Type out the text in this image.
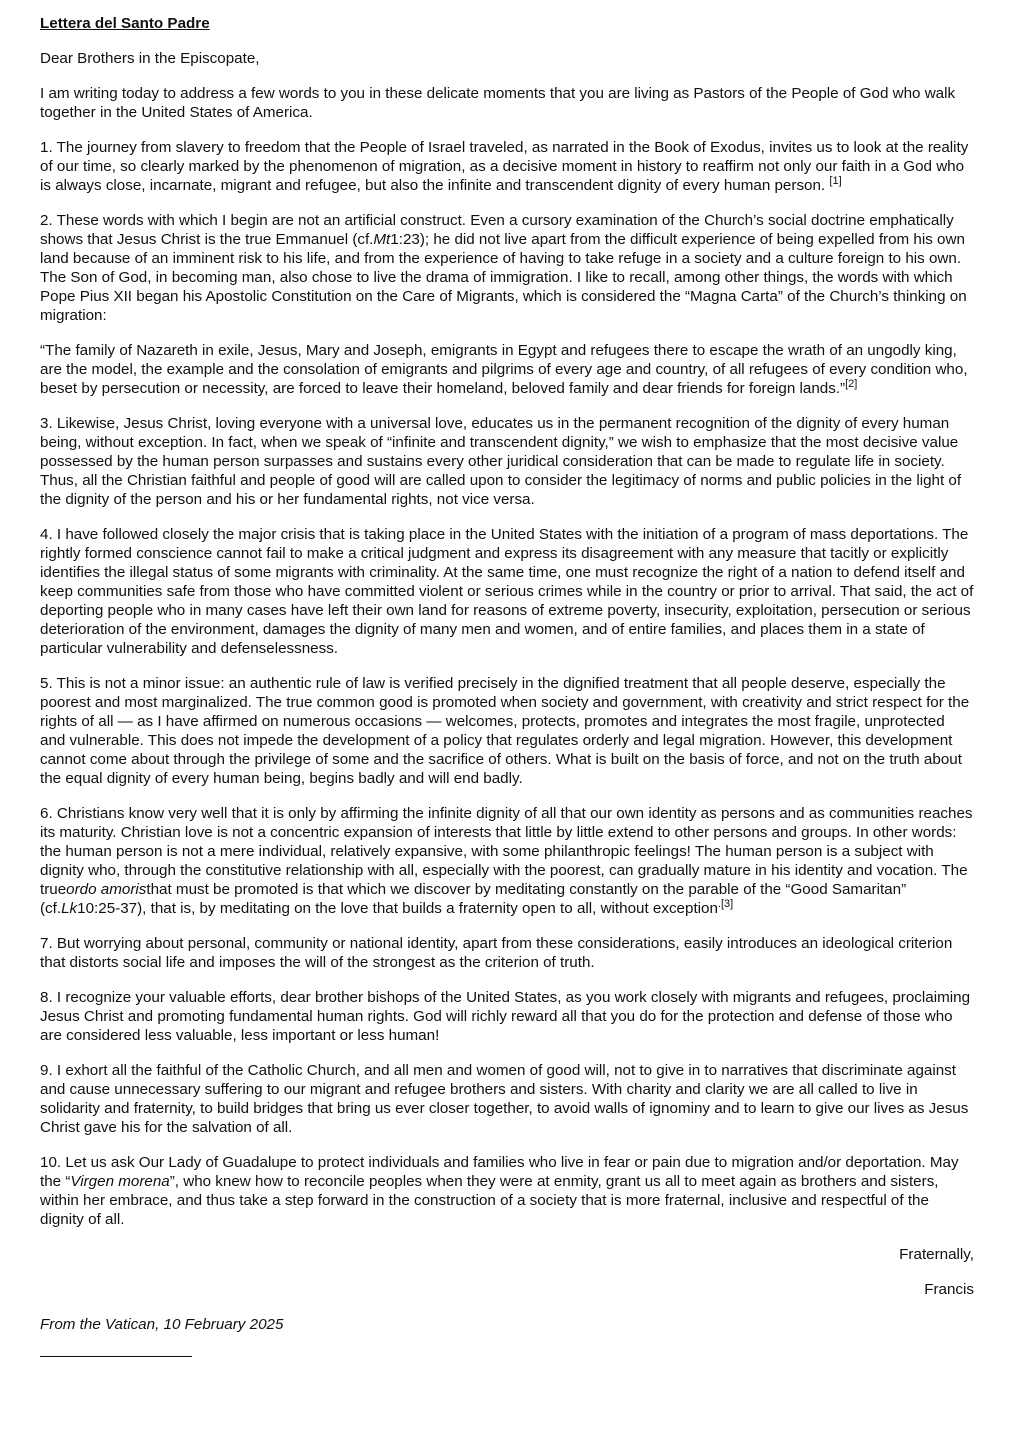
Lettera del Santo Padre

Dear Brothers in the Episcopate,

I am writing today to address a few words to you in these delicate moments that you are living as Pastors of the People of God who walk together in the United States of America.

1. The journey from slavery to freedom that the People of Israel traveled, as narrated in the Book of Exodus, invites us to look at the reality of our time, so clearly marked by the phenomenon of migration, as a decisive moment in history to reaffirm not only our faith in a God who is always close, incarnate, migrant and refugee, but also the infinite and transcendent dignity of every human person. [1]

2. These words with which I begin are not an artificial construct. Even a cursory examination of the Church’s social doctrine emphatically shows that Jesus Christ is the true Emmanuel (cf.Mt1:23); he did not live apart from the difficult experience of being expelled from his own land because of an imminent risk to his life, and from the experience of having to take refuge in a society and a culture foreign to his own. The Son of God, in becoming man, also chose to live the drama of immigration. I like to recall, among other things, the words with which Pope Pius XII began his Apostolic Constitution on the Care of Migrants, which is considered the “Magna Carta” of the Church’s thinking on migration:

“The family of Nazareth in exile, Jesus, Mary and Joseph, emigrants in Egypt and refugees there to escape the wrath of an ungodly king, are the model, the example and the consolation of emigrants and pilgrims of every age and country, of all refugees of every condition who, beset by persecution or necessity, are forced to leave their homeland, beloved family and dear friends for foreign lands.”[2]

3. Likewise, Jesus Christ, loving everyone with a universal love, educates us in the permanent recognition of the dignity of every human being, without exception. In fact, when we speak of “infinite and transcendent dignity,” we wish to emphasize that the most decisive value possessed by the human person surpasses and sustains every other juridical consideration that can be made to regulate life in society. Thus, all the Christian faithful and people of good will are called upon to consider the legitimacy of norms and public policies in the light of the dignity of the person and his or her fundamental rights, not vice versa.

4. I have followed closely the major crisis that is taking place in the United States with the initiation of a program of mass deportations. The rightly formed conscience cannot fail to make a critical judgment and express its disagreement with any measure that tacitly or explicitly identifies the illegal status of some migrants with criminality. At the same time, one must recognize the right of a nation to defend itself and keep communities safe from those who have committed violent or serious crimes while in the country or prior to arrival. That said, the act of deporting people who in many cases have left their own land for reasons of extreme poverty, insecurity, exploitation, persecution or serious deterioration of the environment, damages the dignity of many men and women, and of entire families, and places them in a state of particular vulnerability and defenselessness.

5. This is not a minor issue: an authentic rule of law is verified precisely in the dignified treatment that all people deserve, especially the poorest and most marginalized. The true common good is promoted when society and government, with creativity and strict respect for the rights of all — as I have affirmed on numerous occasions — welcomes, protects, promotes and integrates the most fragile, unprotected and vulnerable. This does not impede the development of a policy that regulates orderly and legal migration. However, this development cannot come about through the privilege of some and the sacrifice of others. What is built on the basis of force, and not on the truth about the equal dignity of every human being, begins badly and will end badly.

6. Christians know very well that it is only by affirming the infinite dignity of all that our own identity as persons and as communities reaches its maturity. Christian love is not a concentric expansion of interests that little by little extend to other persons and groups. In other words: the human person is not a mere individual, relatively expansive, with some philanthropic feelings! The human person is a subject with dignity who, through the constitutive relationship with all, especially with the poorest, can gradually mature in his identity and vocation. The trueordo amoristhat must be promoted is that which we discover by meditating constantly on the parable of the “Good Samaritan” (cf.Lk10:25-37), that is, by meditating on the love that builds a fraternity open to all, without exception$^{.[3]}$

7. But worrying about personal, community or national identity, apart from these considerations, easily introduces an ideological criterion that distorts social life and imposes the will of the strongest as the criterion of truth.

8. I recognize your valuable efforts, dear brother bishops of the United States, as you work closely with migrants and refugees, proclaiming Jesus Christ and promoting fundamental human rights. God will richly reward all that you do for the protection and defense of those who are considered less valuable, less important or less human!

9. I exhort all the faithful of the Catholic Church, and all men and women of good will, not to give in to narratives that discriminate against and cause unnecessary suffering to our migrant and refugee brothers and sisters. With charity and clarity we are all called to live in solidarity and fraternity, to build bridges that bring us ever closer together, to avoid walls of ignominy and to learn to give our lives as Jesus Christ gave his for the salvation of all.

10. Let us ask Our Lady of Guadalupe to protect individuals and families who live in fear or pain due to migration and/or deportation. May the “Virgen morena”, who knew how to reconcile peoples when they were at enmity, grant us all to meet again as brothers and sisters, within her embrace, and thus take a step forward in the construction of a society that is more fraternal, inclusive and respectful of the dignity of all.

Fraternally,

Francis

From the Vatican, 10 February 2025
